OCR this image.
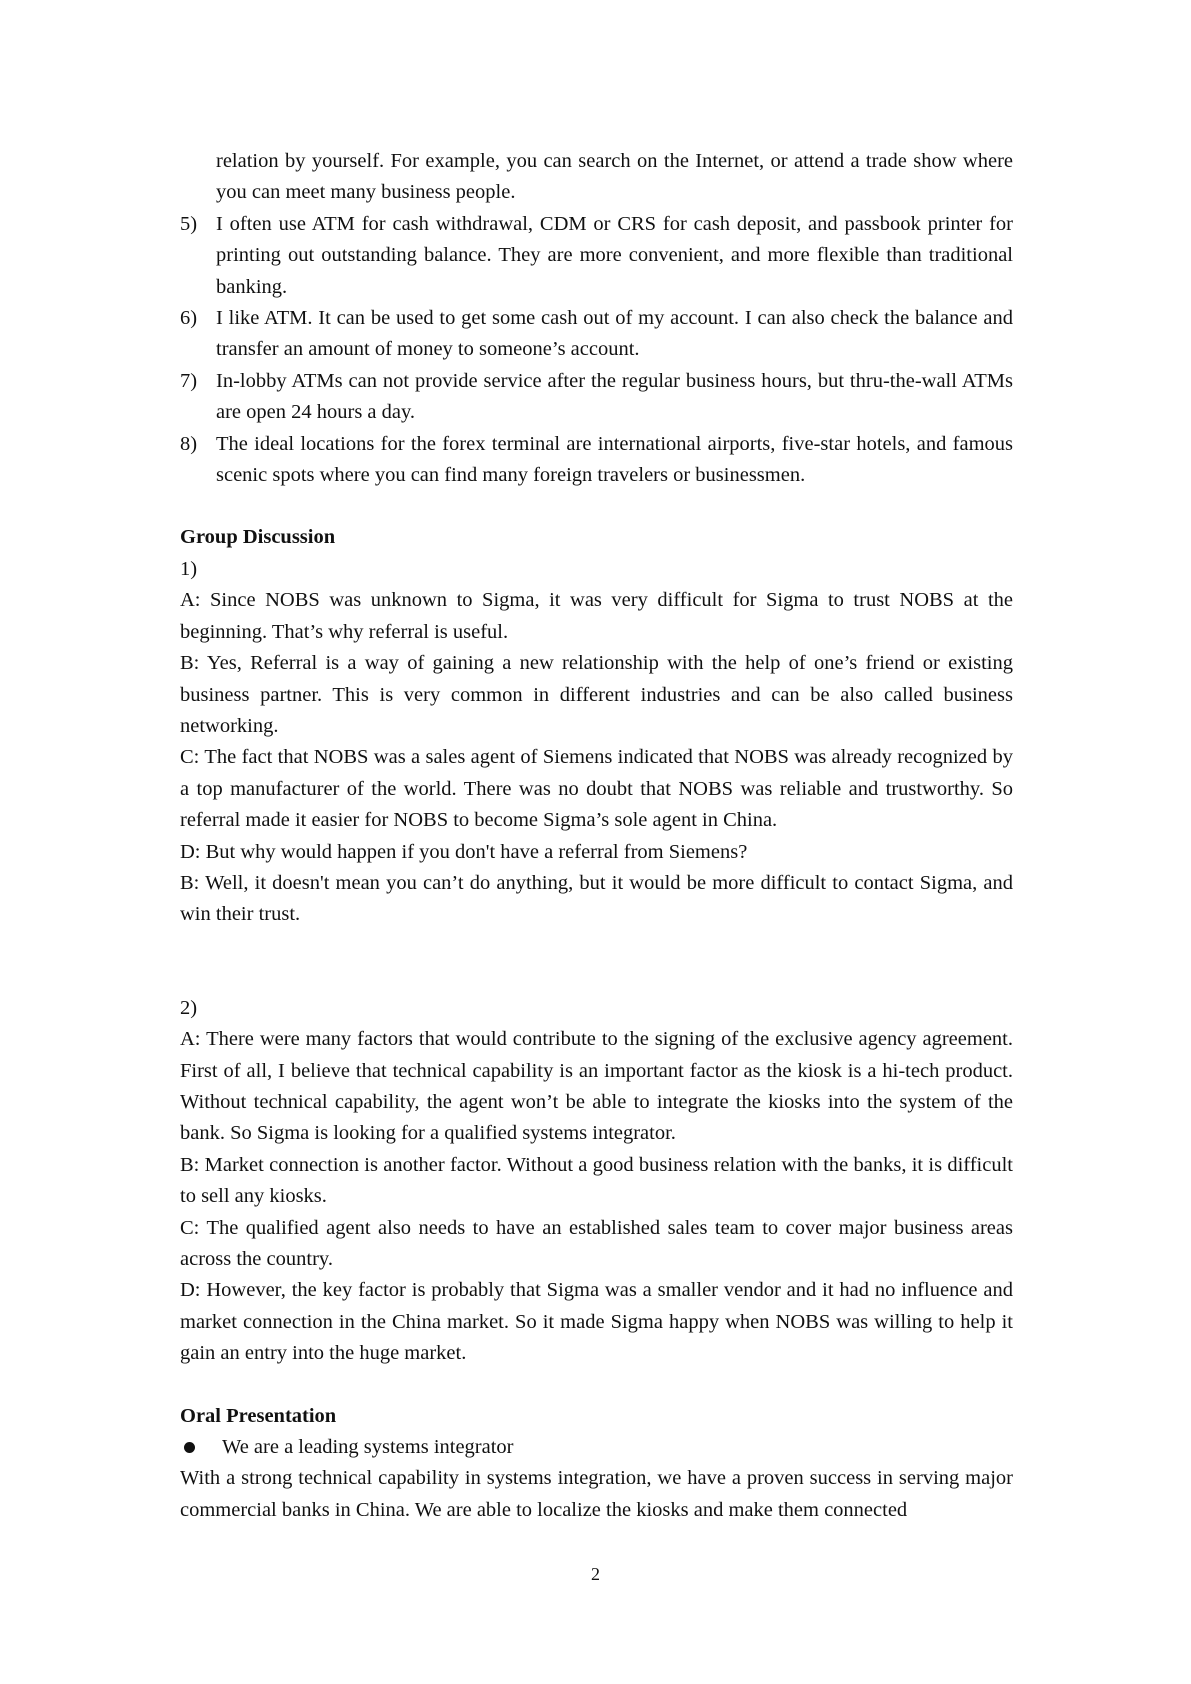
relation by yourself. For example, you can search on the Internet, or attend a trade show where you can meet many business people.

5) I often use ATM for cash withdrawal, CDM or CRS for cash deposit, and passbook printer for printing out outstanding balance. They are more convenient, and more flexible than traditional banking.

6) I like ATM. It can be used to get some cash out of my account. I can also check the balance and transfer an amount of money to someone’s account.

7) In-lobby ATMs can not provide service after the regular business hours, but thru-the-wall ATMs are open 24 hours a day.

8) The ideal locations for the forex terminal are international airports, five-star hotels, and famous scenic spots where you can find many foreign travelers or businessmen.

Group Discussion

1)

A: Since NOBS was unknown to Sigma, it was very difficult for Sigma to trust NOBS at the beginning. That’s why referral is useful.

B: Yes, Referral is a way of gaining a new relationship with the help of one’s friend or existing business partner. This is very common in different industries and can be also called business networking.

C: The fact that NOBS was a sales agent of Siemens indicated that NOBS was already recognized by a top manufacturer of the world. There was no doubt that NOBS was reliable and trustworthy. So referral made it easier for NOBS to become Sigma’s sole agent in China.

D: But why would happen if you don't have a referral from Siemens?

B: Well, it doesn't mean you can’t do anything, but it would be more difficult to contact Sigma, and win their trust.

2)

A: There were many factors that would contribute to the signing of the exclusive agency agreement. First of all, I believe that technical capability is an important factor as the kiosk is a hi-tech product. Without technical capability, the agent won’t be able to integrate the kiosks into the system of the bank. So Sigma is looking for a qualified systems integrator.

B: Market connection is another factor. Without a good business relation with the banks, it is difficult to sell any kiosks.

C: The qualified agent also needs to have an established sales team to cover major business areas across the country.

D: However, the key factor is probably that Sigma was a smaller vendor and it had no influence and market connection in the China market. So it made Sigma happy when NOBS was willing to help it gain an entry into the huge market.

Oral Presentation

We are a leading systems integrator

With a strong technical capability in systems integration, we have a proven success in serving major commercial banks in China. We are able to localize the kiosks and make them connected

2
